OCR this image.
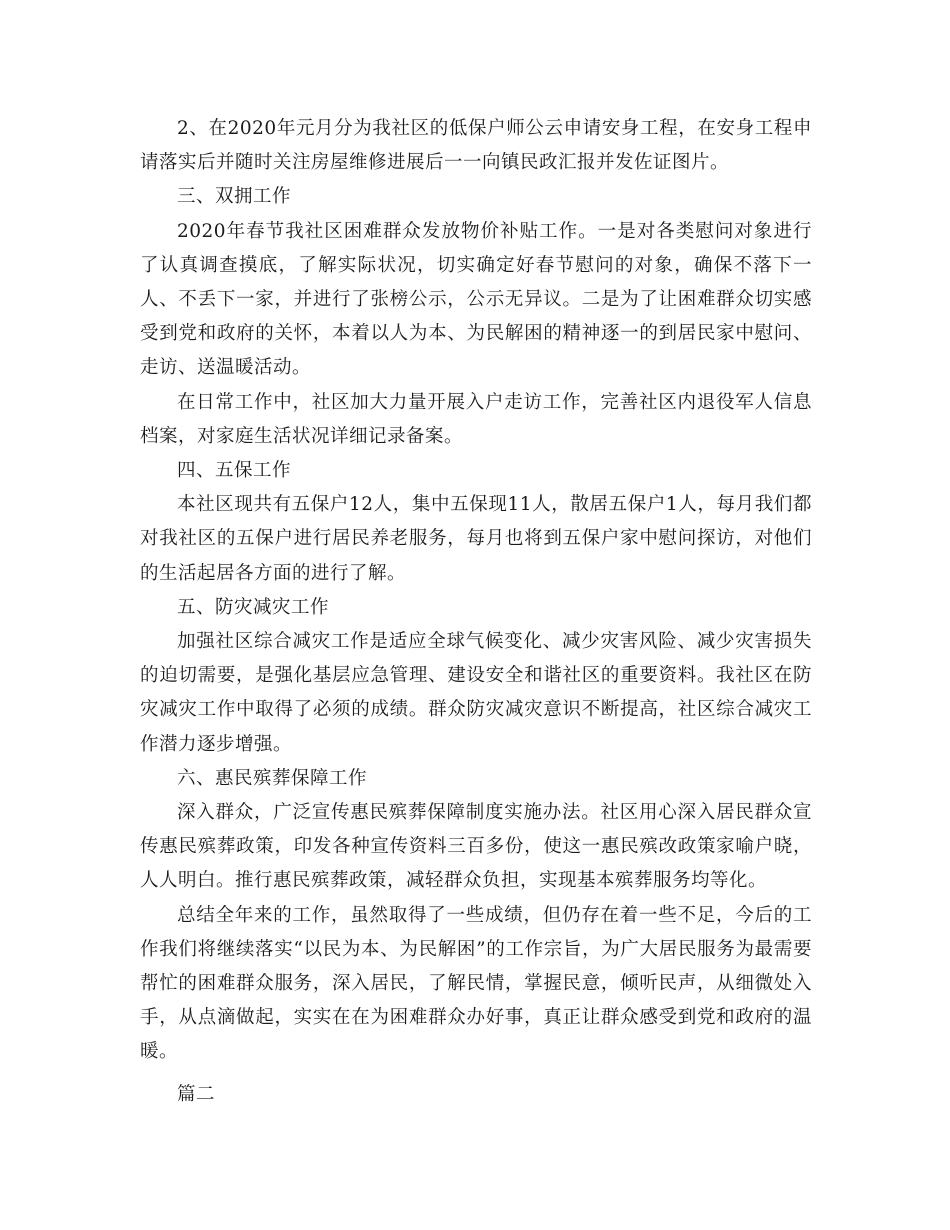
2、在2020年元月分为我社区的低保户师公云申请安身工程，在安身工程申请落实后并随时关注房屋维修进展后一一向镇民政汇报并发佐证图片。

三、双拥工作

2020年春节我社区困难群众发放物价补贴工作。一是对各类慰问对象进行了认真调查摸底，了解实际状况，切实确定好春节慰问的对象，确保不落下一人、不丢下一家，并进行了张榜公示，公示无异议。二是为了让困难群众切实感受到党和政府的关怀，本着以人为本、为民解困的精神逐一的到居民家中慰问、走访、送温暖活动。

在日常工作中，社区加大力量开展入户走访工作，完善社区内退役军人信息档案，对家庭生活状况详细记录备案。

四、五保工作

本社区现共有五保户12人，集中五保现11人，散居五保户1人，每月我们都对我社区的五保户进行居民养老服务，每月也将到五保户家中慰问探访，对他们的生活起居各方面的进行了解。

五、防灾减灾工作

加强社区综合减灾工作是适应全球气候变化、减少灾害风险、减少灾害损失的迫切需要，是强化基层应急管理、建设安全和谐社区的重要资料。我社区在防灾减灾工作中取得了必须的成绩。群众防灾减灾意识不断提高，社区综合减灾工作潜力逐步增强。

六、惠民殡葬保障工作

深入群众，广泛宣传惠民殡葬保障制度实施办法。社区用心深入居民群众宣传惠民殡葬政策，印发各种宣传资料三百多份，使这一惠民殡改政策家喻户晓，人人明白。推行惠民殡葬政策，减轻群众负担，实现基本殡葬服务均等化。

总结全年来的工作，虽然取得了一些成绩，但仍存在着一些不足，今后的工作我们将继续落实“以民为本、为民解困”的工作宗旨，为广大居民服务为最需要帮忙的困难群众服务，深入居民，了解民情，掌握民意，倾听民声，从细微处入手，从点滴做起，实实在在为困难群众办好事，真正让群众感受到党和政府的温暖。

篇二
